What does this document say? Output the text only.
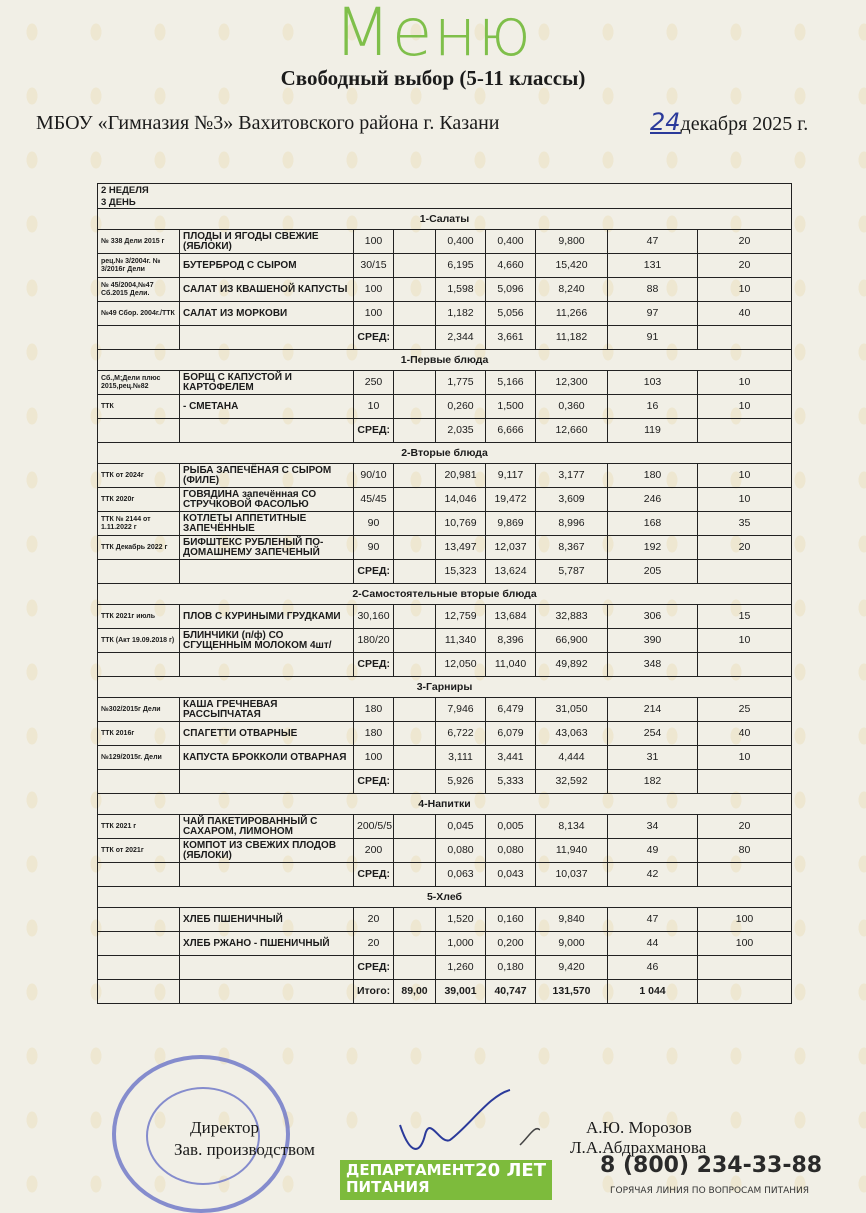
Меню
Свободный выбор (5-11 классы)
МБОУ «Гимназия №3» Вахитовского района г. Казани	24декабря 2025 г.
2 НЕДЕЛЯ								
3 ДЕНЬ								
1-Салаты								
№ 338 Дели 2015 г	ПЛОДЫ И ЯГОДЫ СВЕЖИЕ (ЯБЛОКИ)	100		0,400	0,400	9,800	47	20
рец.№ 3/2004г. № 3/2016г Дели	БУТЕРБРОД С СЫРОМ	30/15		6,195	4,660	15,420	131	20
№ 45/2004,№47 Сб.2015 Дели.	САЛАТ ИЗ КВАШЕНОЙ КАПУСТЫ	100		1,598	5,096	8,240	88	10
№49 Сбор. 2004г./ТТК	САЛАТ ИЗ МОРКОВИ	100		1,182	5,056	11,266	97	40
		СРЕД:		2,344	3,661	11,182	91	
1-Первые блюда								
Сб.,М;Дели плюс 2015,рец.№82	БОРЩ С КАПУСТОЙ И КАРТОФЕЛЕМ	250		1,775	5,166	12,300	103	10
ТТК	- СМЕТАНА	10		0,260	1,500	0,360	16	10
		СРЕД:		2,035	6,666	12,660	119	
2-Вторые блюда								
ТТК от 2024г	РЫБА ЗАПЕЧЁНАЯ С СЫРОМ (ФИЛЕ)	90/10		20,981	9,117	3,177	180	10
ТТК 2020г	ГОВЯДИНА запечённая СО СТРУЧКОВОЙ ФАСОЛЬЮ	45/45		14,046	19,472	3,609	246	10
ТТК № 2144 от 1.11.2022 г	КОТЛЕТЫ АППЕТИТНЫЕ ЗАПЕЧЁННЫЕ	90		10,769	9,869	8,996	168	35
ТТК Декабрь 2022 г	БИФШТЕКС РУБЛЕНЫЙ ПО-ДОМАШНЕМУ ЗАПЕЧЕНЫЙ	90		13,497	12,037	8,367	192	20
		СРЕД:		15,323	13,624	5,787	205	
2-Самостоятельные вторые блюда								
ТТК 2021г июль	ПЛОВ С КУРИНЫМИ ГРУДКАМИ	30,160		12,759	13,684	32,883	306	15
ТТК (Акт 19.09.2018 г)	БЛИНЧИКИ (п/ф) СО СГУЩЕННЫМ МОЛОКОМ 4шт/	180/20		11,340	8,396	66,900	390	10
		СРЕД:		12,050	11,040	49,892	348	
3-Гарниры								
№302/2015г Дели	КАША ГРЕЧНЕВАЯ РАССЫПЧАТАЯ	180		7,946	6,479	31,050	214	25
ТТК 2016г	СПАГЕТТИ ОТВАРНЫЕ	180		6,722	6,079	43,063	254	40
№129/2015г. Дели	КАПУСТА БРОККОЛИ ОТВАРНАЯ	100		3,111	3,441	4,444	31	10
		СРЕД:		5,926	5,333	32,592	182	
4-Напитки								
ТТК 2021 г	ЧАЙ ПАКЕТИРОВАННЫЙ С САХАРОМ, ЛИМОНОМ	200/5/5		0,045	0,005	8,134	34	20
ТТК от 2021г	КОМПОТ ИЗ СВЕЖИХ ПЛОДОВ (ЯБЛОКИ)	200		0,080	0,080	11,940	49	80
		СРЕД:		0,063	0,043	10,037	42	
5-Хлеб								
	ХЛЕБ ПШЕНИЧНЫЙ	20		1,520	0,160	9,840	47	100
	ХЛЕБ РЖАНО - ПШЕНИЧНЫЙ	20		1,000	0,200	9,000	44	100
		СРЕД:		1,260	0,180	9,420	46	
		Итого:	89,00	39,001	40,747	131,570	1 044	
Директор
Зав. производством
А.Ю. Морозов
Л.А.Абдрахманова
ДЕПАРТАМЕНТ
ПИТАНИЯ
20 ЛЕТ 8 (800) 234-33-88
ГОРЯЧАЯ ЛИНИЯ ПО ВОПРОСАМ ПИТАНИЯ
